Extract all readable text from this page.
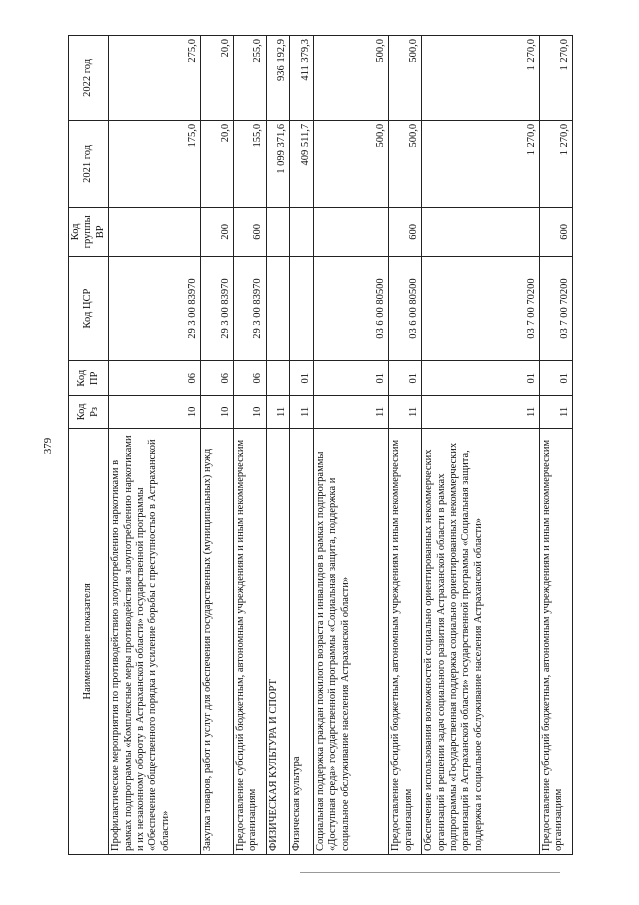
379
Наименование показателя	Код Рз	Код ПР	Код ЦСР	Код группы ВР	2021 год	2022 год
Профилактические мероприятия по противодействию злоупотреблению наркотиками в рамках подпрограммы «Комплексные меры противодействия злоупотреблению наркотиками и их незаконному обороту в Астраханской области» государственной программы «Обеспечение общественного порядка и усиление борьбы с преступностью в Астраханской области»	10	06	29 3 00 83970		175,0	275,0
Закупка товаров, работ и услуг для обеспечения государственных (муниципальных) нужд	10	06	29 3 00 83970	200	20,0	20,0
Предоставление субсидий бюджетным, автономным учреждениям и иным некоммерческим организациям	10	06	29 3 00 83970	600	155,0	255,0
ФИЗИЧЕСКАЯ КУЛЬТУРА И СПОРТ	11				1 099 371,6	936 192,9
Физическая культура	11	01			409 511,7	411 379,3
Социальная поддержка граждан пожилого возраста и инвалидов в рамках подпрограммы «Доступная среда» государственной программы «Социальная защита, поддержка и социальное обслуживание населения Астраханской области»	11	01	03 6 00 80500		500,0	500,0
Предоставление субсидий бюджетным, автономным учреждениям и иным некоммерческим организациям	11	01	03 6 00 80500	600	500,0	500,0
Обеспечение использования возможностей социально ориентированных некоммерческих организаций в решении задач социального развития Астраханской области в рамках подпрограммы «Государственная поддержка социально ориентированных некоммерческих организаций в Астраханской области» государственной программы «Социальная защита, поддержка и социальное обслуживание населения Астраханской области»	11	01	03 7 00 70200		1 270,0	1 270,0
Предоставление субсидий бюджетным, автономным учреждениям и иным некоммерческим организациям	11	01	03 7 00 70200	600	1 270,0	1 270,0
